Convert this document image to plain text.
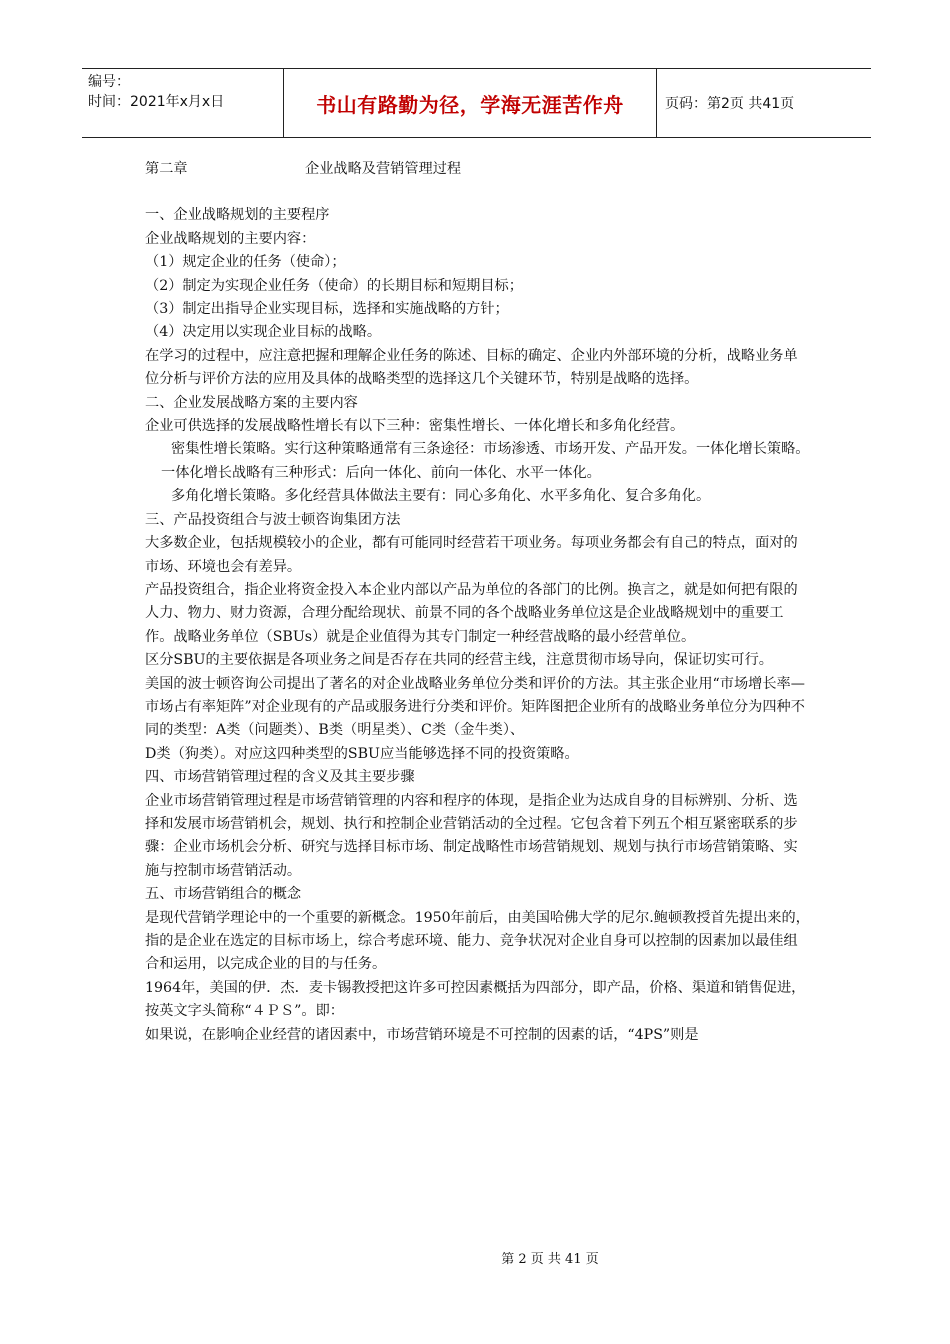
编号：
时间：2021年x月x日	书山有路勤为径，学海无涯苦作舟	页码：第2页 共41页

第二章	企业战略及营销管理过程

一、企业战略规划的主要程序

企业战略规划的主要内容：

（1）规定企业的任务（使命）；

（2）制定为实现企业任务（使命）的长期目标和短期目标；

（3）制定出指导企业实现目标，选择和实施战略的方针；

（4）决定用以实现企业目标的战略。

在学习的过程中，应注意把握和理解企业任务的陈述、目标的确定、企业内外部环境的分析，战略业务单位分析与评价方法的应用及具体的战略类型的选择这几个关键环节，特别是战略的选择。

二、企业发展战略方案的主要内容

企业可供选择的发展战略性增长有以下三种：密集性增长、一体化增长和多角化经营。

密集性增长策略。实行这种策略通常有三条途径：市场渗透、市场开发、产品开发。一体化增长策略。

一体化增长战略有三种形式：后向一体化、前向一体化、水平一体化。

多角化增长策略。多化经营具体做法主要有：同心多角化、水平多角化、复合多角化。

三、产品投资组合与波士顿咨询集团方法

大多数企业，包括规模较小的企业，都有可能同时经营若干项业务。每项业务都会有自己的特点，面对的市场、环境也会有差异。

产品投资组合，指企业将资金投入本企业内部以产品为单位的各部门的比例。换言之，就是如何把有限的人力、物力、财力资源，合理分配给现状、前景不同的各个战略业务单位这是企业战略规划中的重要工作。战略业务单位（SBUs）就是企业值得为其专门制定一种经营战略的最小经营单位。

区分SBU的主要依据是各项业务之间是否存在共同的经营主线，注意贯彻市场导向，保证切实可行。

美国的波士顿咨询公司提出了著名的对企业战略业务单位分类和评价的方法。其主张企业用“市场增长率—市场占有率矩阵”对企业现有的产品或服务进行分类和评价。矩阵图把企业所有的战略业务单位分为四种不同的类型：A类（问题类）、B类（明星类）、C类（金牛类）、

D类（狗类）。对应这四种类型的SBU应当能够选择不同的投资策略。

四、市场营销管理过程的含义及其主要步骤

企业市场营销管理过程是市场营销管理的内容和程序的体现，是指企业为达成自身的目标辨别、分析、选择和发展市场营销机会，规划、执行和控制企业营销活动的全过程。它包含着下列五个相互紧密联系的步骤：企业市场机会分析、研究与选择目标市场、制定战略性市场营销规划、规划与执行市场营销策略、实施与控制市场营销活动。

五、市场营销组合的概念

是现代营销学理论中的一个重要的新概念。1950年前后，由美国哈佛大学的尼尔.鲍顿教授首先提出来的，指的是企业在选定的目标市场上，综合考虑环境、能力、竞争状况对企业自身可以控制的因素加以最佳组合和运用，以完成企业的目的与任务。

1964年，美国的伊．杰．麦卡锡教授把这许多可控因素概括为四部分，即产品，价格、渠道和销售促进，按英文字头简称“４ＰＳ”。即：

如果说，在影响企业经营的诸因素中，市场营销环境是不可控制的因素的话，“4PS”则是

第 2 页 共 41 页
